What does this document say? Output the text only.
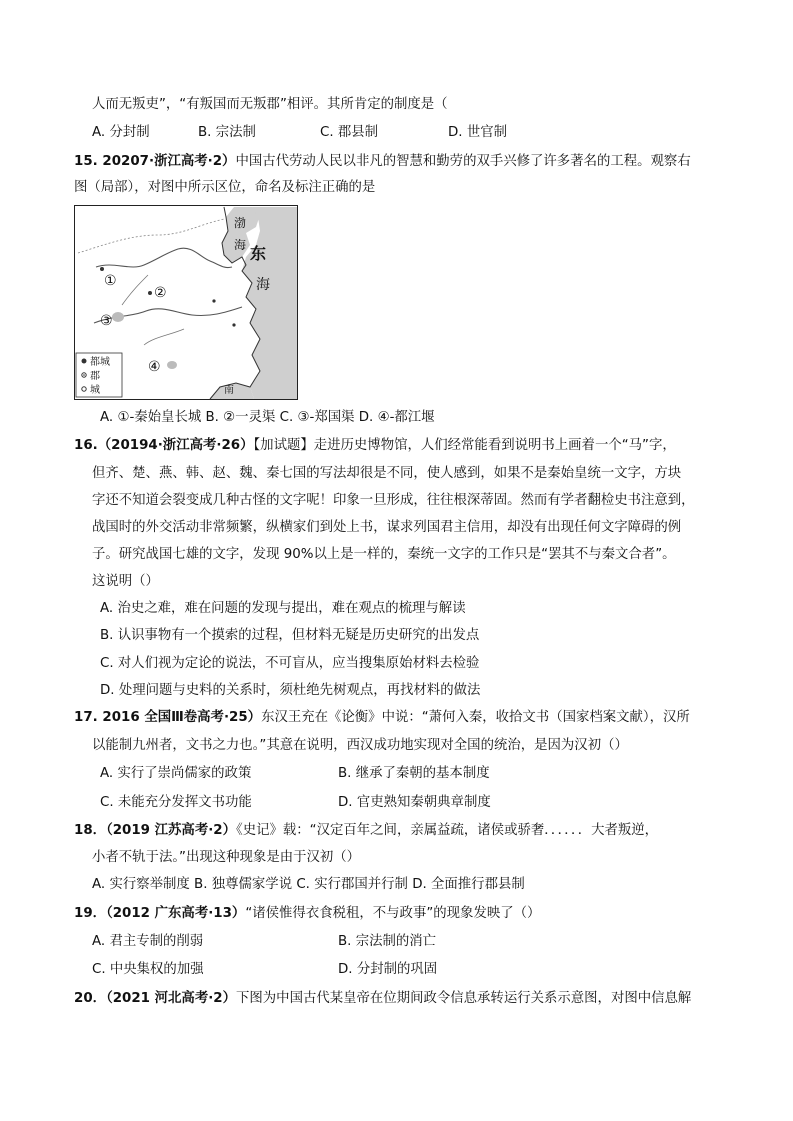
人而无叛吏”，“有叛国而无叛郡”相评。其所肯定的制度是（
A. 分封制	B. 宗法制	C. 郡县制	D. 世官制
15. 20207·浙江高考·2）中国古代劳动人民以非凡的智慧和勤劳的双手兴修了许多著名的工程。观察右
图（局部），对图中所示区位，命名及标注正确的是
①
②
③
④
渤
海 东
海
南
都城
郡
城
A. ①-秦始皇长城 B. ②一灵渠 C. ③-郑国渠 D. ④-都江堰
16.（20194·浙江高考·26）【加试题】走进历史博物馆，人们经常能看到说明书上画着一个“马”字，
但齐、楚、燕、韩、赵、魏、秦七国的写法却很是不同，使人感到，如果不是秦始皇统一文字，方块
字还不知道会裂变成几种古怪的文字呢！印象一旦形成，往往根深蒂固。然而有学者翻检史书注意到，
战国时的外交活动非常频繁，纵横家们到处上书，谋求列国君主信用，却没有出现任何文字障碍的例
子。研究战国七雄的文字，发现 90%以上是一样的，秦统一文字的工作只是“罢其不与秦文合者”。
这说明（）
A. 治史之难，难在问题的发现与提出，难在观点的梳理与解读
B. 认识事物有一个摸索的过程，但材料无疑是历史研究的出发点
C. 对人们视为定论的说法，不可盲从，应当搜集原始材料去检验
D. 处理问题与史料的关系时，须杜绝先树观点，再找材料的做法
17. 2016 全国Ⅲ卷高考·25）东汉王充在《论衡》中说：“萧何入秦，收拾文书（国家档案文献），汉所
以能制九州者，文书之力也。”其意在说明，西汉成功地实现对全国的统治，是因为汉初（）
A. 实行了崇尚儒家的政策	B. 继承了秦朝的基本制度
C. 未能充分发挥文书功能	D. 官吏熟知秦朝典章制度
18．（2019 江苏高考·2）《史记》载：“汉定百年之间，亲属益疏，诸侯或骄奢．．．．．．大者叛逆，
小者不轨于法。”出现这种现象是由于汉初（）
A. 实行察举制度 B. 独尊儒家学说 C. 实行郡国并行制 D. 全面推行郡县制
19．（2012 广东高考·13）“诸侯惟得衣食税租，不与政事”的现象发映了（）
A. 君主专制的削弱	B. 宗法制的消亡
C. 中央集权的加强	D. 分封制的巩固
20．（2021 河北高考·2）下图为中国古代某皇帝在位期间政令信息承转运行关系示意图，对图中信息解
